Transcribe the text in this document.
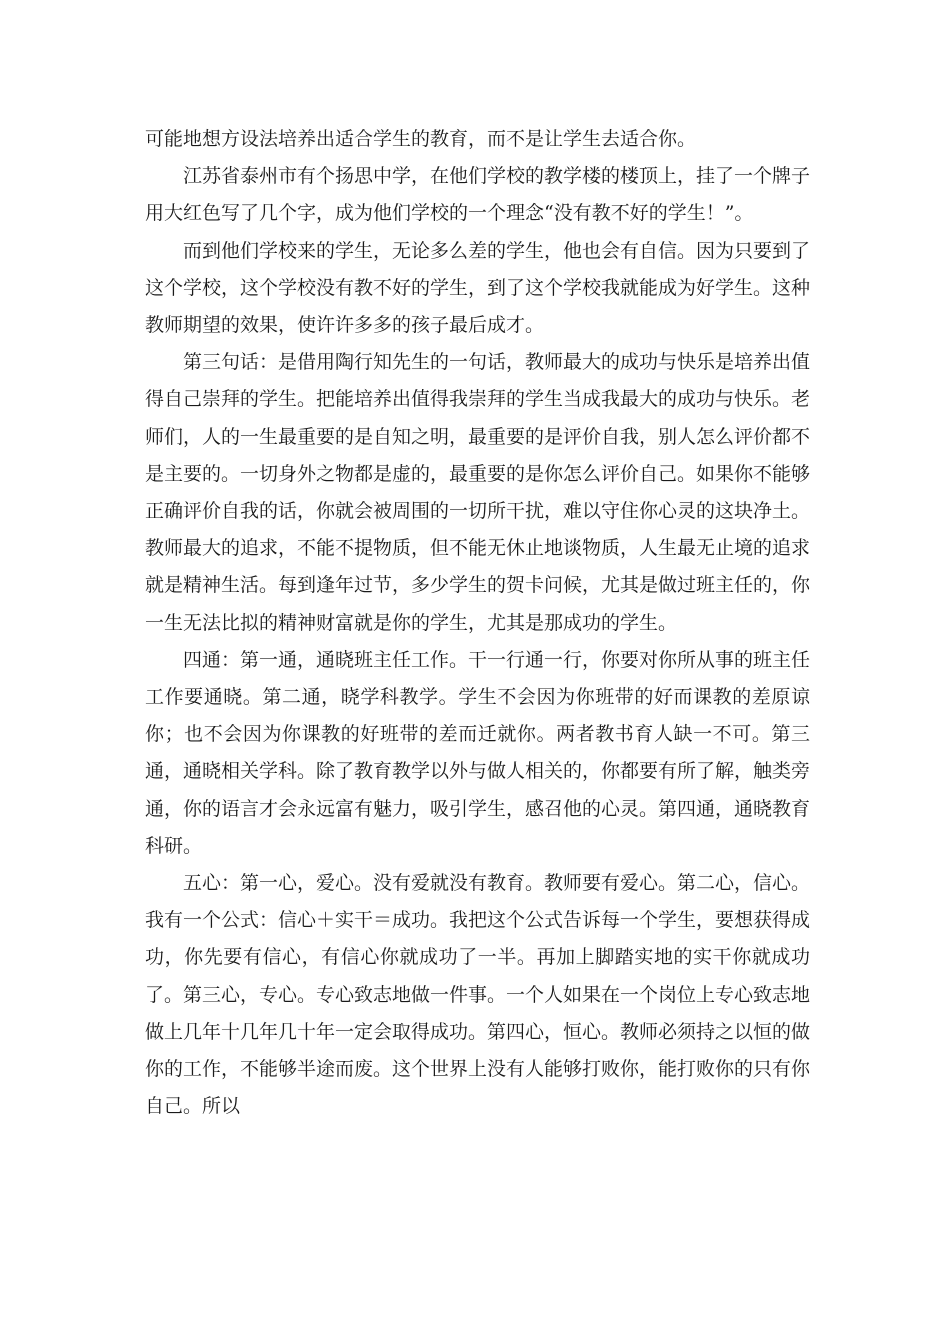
可能地想方设法培养出适合学生的教育，而不是让学生去适合你。

江苏省泰州市有个扬思中学，在他们学校的教学楼的楼顶上，挂了一个牌子用大红色写了几个字，成为他们学校的一个理念“没有教不好的学生！”。

而到他们学校来的学生，无论多么差的学生，他也会有自信。因为只要到了这个学校，这个学校没有教不好的学生，到了这个学校我就能成为好学生。这种教师期望的效果，使许许多多的孩子最后成才。

第三句话：是借用陶行知先生的一句话，教师最大的成功与快乐是培养出值得自己崇拜的学生。把能培养出值得我崇拜的学生当成我最大的成功与快乐。老师们，人的一生最重要的是自知之明，最重要的是评价自我，别人怎么评价都不是主要的。一切身外之物都是虚的，最重要的是你怎么评价自己。如果你不能够正确评价自我的话，你就会被周围的一切所干扰，难以守住你心灵的这块净土。教师最大的追求，不能不提物质，但不能无休止地谈物质，人生最无止境的追求就是精神生活。每到逢年过节，多少学生的贺卡问候，尤其是做过班主任的，你一生无法比拟的精神财富就是你的学生，尤其是那成功的学生。

四通：第一通，通晓班主任工作。干一行通一行，你要对你所从事的班主任工作要通晓。第二通，晓学科教学。学生不会因为你班带的好而课教的差原谅你；也不会因为你课教的好班带的差而迁就你。两者教书育人缺一不可。第三通，通晓相关学科。除了教育教学以外与做人相关的，你都要有所了解，触类旁通，你的语言才会永远富有魅力，吸引学生，感召他的心灵。第四通，通晓教育科研。

五心：第一心，爱心。没有爱就没有教育。教师要有爱心。第二心，信心。我有一个公式：信心＋实干＝成功。我把这个公式告诉每一个学生，要想获得成功，你先要有信心，有信心你就成功了一半。再加上脚踏实地的实干你就成功了。第三心，专心。专心致志地做一件事。一个人如果在一个岗位上专心致志地做上几年十几年几十年一定会取得成功。第四心，恒心。教师必须持之以恒的做你的工作，不能够半途而废。这个世界上没有人能够打败你，能打败你的只有你自己。所以
